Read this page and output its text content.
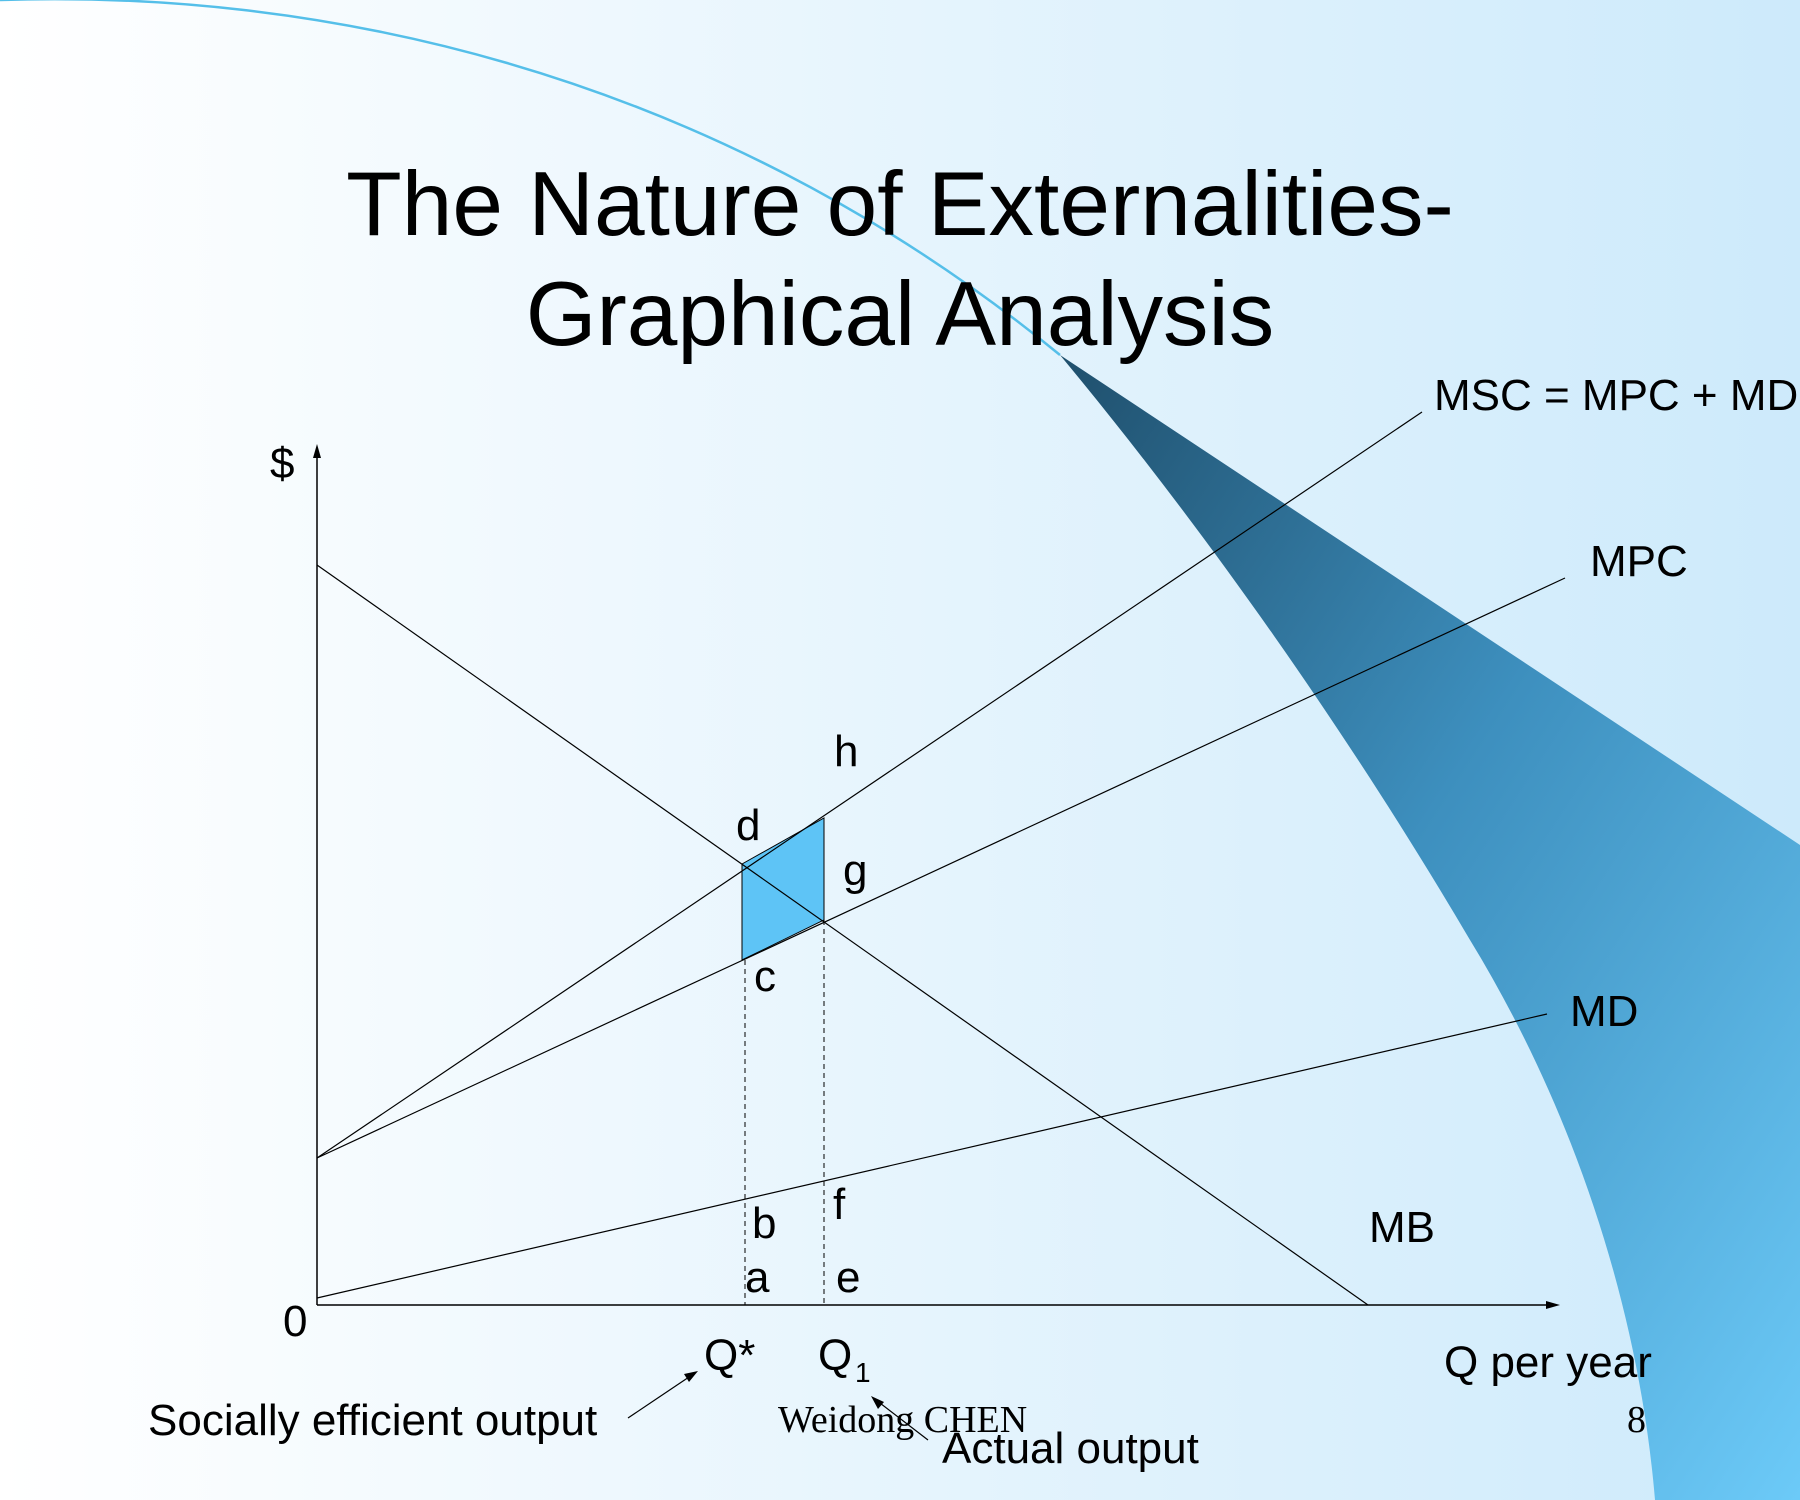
The Nature of Externalities-
Graphical Analysis
$
0
Q per year
MSC = MPC + MD
MPC
MD
MB
h
d
g
c
f
b
a e
Q* Q 1
Socially efficient output
Actual output
Weidong CHEN	8
